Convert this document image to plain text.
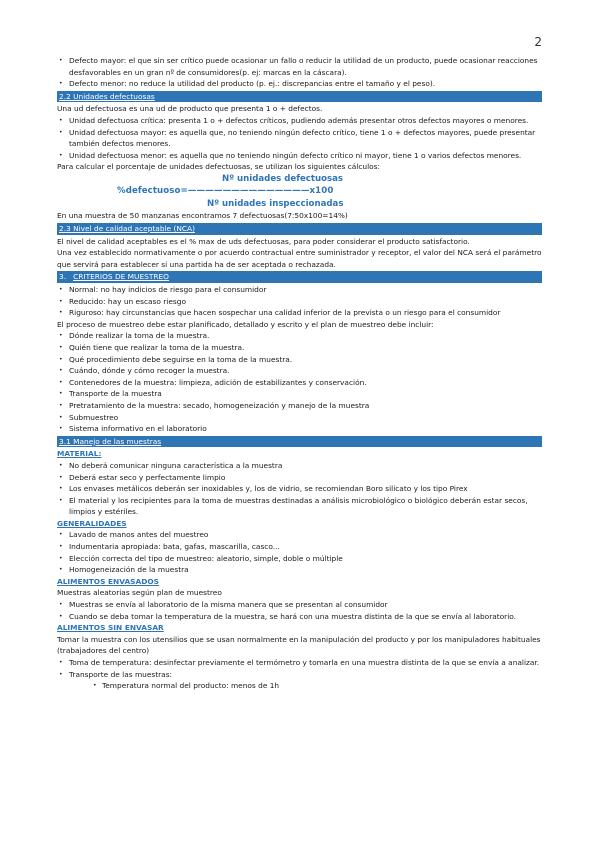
2
• Defecto mayor: el que sin ser crítico puede ocasionar un fallo o reducir la utilidad de un producto, puede ocasionar reacciones desfavorables en un gran nº de consumidores(p. ej: marcas en la cáscara).
• Defecto menor: no reduce la utilidad del producto (p. ej.: discrepancias entre el tamaño y el peso).
2.2 Unidades defectuosas
Una ud defectuosa es una ud de producto que presenta 1 o + defectos.
• Unidad defectuosa crítica: presenta 1 o + defectos críticos, pudiendo además presentar otros defectos mayores o menores.
• Unidad defectuosa mayor: es aquella que, no teniendo ningún defecto crítico, tiene 1 o + defectos mayores, puede presentar también defectos menores.
• Unidad defectuosa menor: es aquella que no teniendo ningún defecto crítico ni mayor, tiene 1 o varios defectos menores.
Para calcular el porcentaje de unidades defectuosas, se utilizan los siguientes cálculos:
Nº unidades defectuosas
%defectuoso=——————————————x100
Nº unidades inspeccionadas
En una muestra de 50 manzanas encontramos 7 defectuosas(7:50x100=14%)
2.3 Nivel de calidad aceptable (NCA)
El nivel de calidad aceptables es el % max de uds defectuosas, para poder considerar el producto satisfactorio.
Una vez establecido normativamente o por acuerdo contractual entre suministrador y receptor, el valor del NCA será el parámetro que servirá para establecer si una partida ha de ser aceptada o rechazada.
3. CRITERIOS DE MUESTREO
• Normal: no hay indicios de riesgo para el consumidor
• Reducido: hay un escaso riesgo
• Riguroso: hay circunstancias que hacen sospechar una calidad inferior de la prevista o un riesgo para el consumidor
El proceso de muestreo debe estar planificado, detallado y escrito y el plan de muestreo debe incluir:
• Dónde realizar la toma de la muestra.
• Quién tiene que realizar la toma de la muestra.
• Qué procedimiento debe seguirse en la toma de la muestra.
• Cuándo, dónde y cómo recoger la muestra.
• Contenedores de la muestra: limpieza, adición de estabilizantes y conservación.
• Transporte de la muestra
• Pretratamiento de la muestra: secado, homogeneización y manejo de la muestra
• Submuestreo
• Sistema informativo en el laboratorio
3.1 Manejo de las muestras
MATERIAL:
• No deberá comunicar ninguna característica a la muestra
• Deberá estar seco y perfectamente limpio
• Los envases metálicos deberán ser inoxidables y, los de vidrio, se recomiendan Boro silicato y los tipo Pirex
• El material y los recipientes para la toma de muestras destinadas a análisis microbiológico o biológico deberán estar secos, limpios y estériles.
GENERALIDADES
• Lavado de manos antes del muestreo
• Indumentaria apropiada: bata, gafas, mascarilla, casco...
• Elección correcta del tipo de muestreo: aleatorio, simple, doble o múltiple
• Homogeneización de la muestra
ALIMENTOS ENVASADOS
Muestras aleatorias según plan de muestreo
• Muestras se envía al laboratorio de la misma manera que se presentan al consumidor
• Cuando se deba tomar la temperatura de la muestra, se hará con una muestra distinta de la que se envía al laboratorio.
ALIMENTOS SIN ENVASAR
Tomar la muestra con los utensilios que se usan normalmente en la manipulación del producto y por los manipuladores habituales (trabajadores del centro)
• Toma de temperatura: desinfectar previamente el termómetro y tomarla en una muestra distinta de la que se envía a analizar.
• Transporte de las muestras:
• Temperatura normal del producto: menos de 1h
